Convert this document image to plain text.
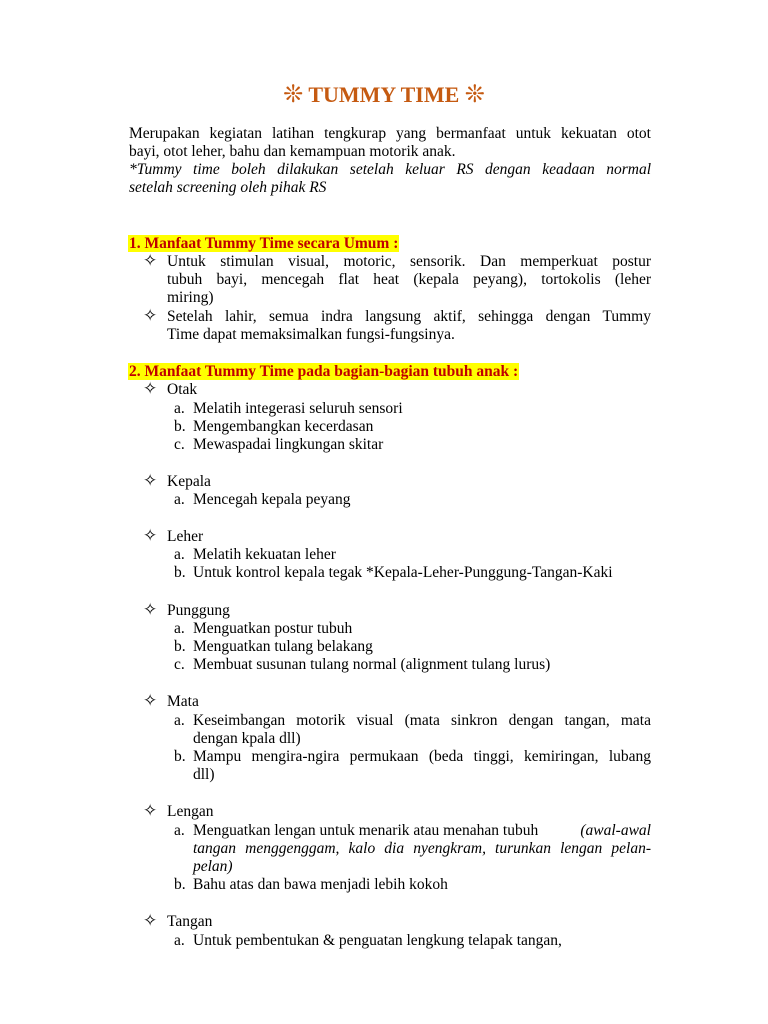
❊ TUMMY TIME ❊
Merupakan kegiatan latihan tengkurap yang bermanfaat untuk kekuatan otot
bayi, otot leher, bahu dan kemampuan motorik anak.
*Tummy time boleh dilakukan setelah keluar RS dengan keadaan normal
setelah screening oleh pihak RS
1. Manfaat Tummy Time secara Umum :
✧ Untuk stimulan visual, motoric, sensorik. Dan memperkuat postur
tubuh bayi, mencegah flat heat (kepala peyang), tortokolis (leher
miring)
✧ Setelah lahir, semua indra langsung aktif, sehingga dengan Tummy
Time dapat memaksimalkan fungsi-fungsinya.
2. Manfaat Tummy Time pada bagian-bagian tubuh anak :
✧ Otak
a. Melatih integerasi seluruh sensori
b. Mengembangkan kecerdasan
c. Mewaspadai lingkungan skitar
✧ Kepala
a. Mencegah kepala peyang
✧ Leher
a. Melatih kekuatan leher
b. Untuk kontrol kepala tegak *Kepala-Leher-Punggung-Tangan-Kaki
✧ Punggung
a. Menguatkan postur tubuh
b. Menguatkan tulang belakang
c. Membuat susunan tulang normal (alignment tulang lurus)
✧ Mata
a. Keseimbangan motorik visual (mata sinkron dengan tangan, mata
dengan kpala dll)
b. Mampu mengira-ngira permukaan (beda tinggi, kemiringan, lubang
dll)
✧ Lengan
a. Menguatkan lengan untuk menarik atau menahan tubuh	(awal-awal
tangan menggenggam, kalo dia nyengkram, turunkan lengan pelan-
pelan)
b. Bahu atas dan bawa menjadi lebih kokoh
✧ Tangan
a. Untuk pembentukan & penguatan lengkung telapak tangan,
